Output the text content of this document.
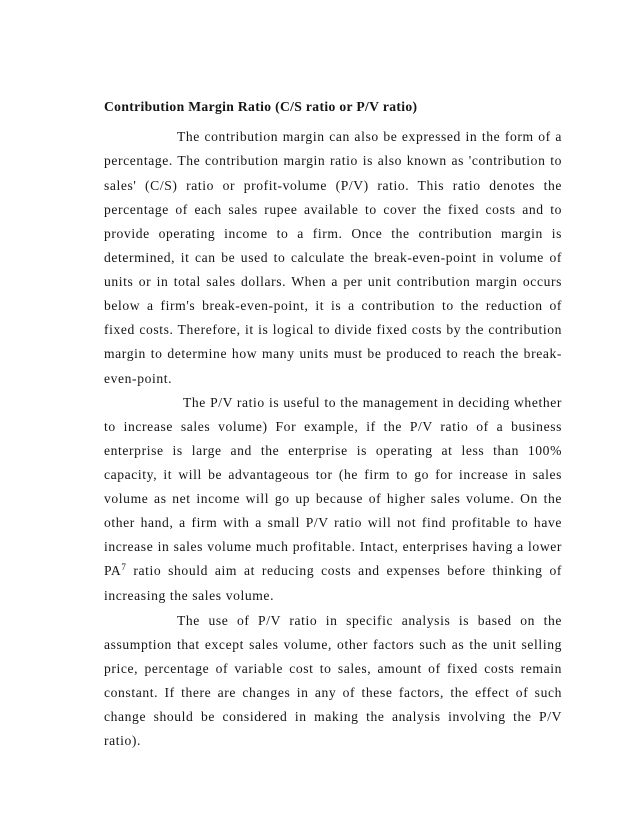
Contribution Margin Ratio (C/S ratio or P/V ratio)
The contribution margin can also be expressed in the form of a
percentage. The contribution margin ratio is also known as 'contribution to
sales' (C/S) ratio or profit-volume (P/V) ratio. This ratio denotes the
percentage of each sales rupee available to cover the fixed costs and to
provide operating income to a firm. Once the contribution margin is
determined, it can be used to calculate the break-even-point in volume of
units or in total sales dollars. When a per unit contribution margin occurs
below a firm's break-even-point, it is a contribution to the reduction of
fixed costs. Therefore, it is logical to divide fixed costs by the contribution
margin to determine how many units must be produced to reach the break-
even-point.
The P/V ratio is useful to the management in deciding whether
to increase sales volume) For example, if the P/V ratio of a business
enterprise is large and the enterprise is operating at less than 100%
capacity, it will be advantageous tor (he firm to go for increase in sales
volume as net income will go up because of higher sales volume. On the
other hand, a firm with a small P/V ratio will not find profitable to have
increase in sales volume much profitable. Intact, enterprises having a lower
$PA^7$ ratio should aim at reducing costs and expenses before thinking of
increasing the sales volume.
The use of P/V ratio in specific analysis is based on the
assumption that except sales volume, other factors such as the unit selling
price, percentage of variable cost to sales, amount of fixed costs remain
constant. If there are changes in any of these factors, the effect of such
change should be considered in making the analysis involving the P/V
ratio).
